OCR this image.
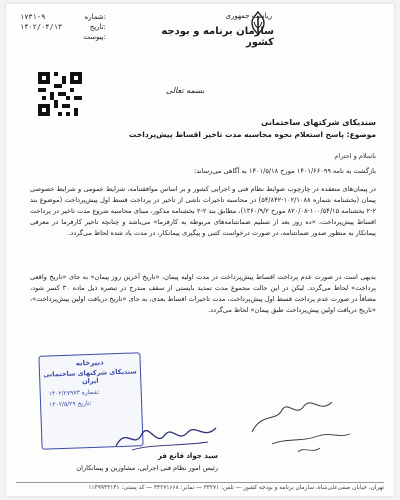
۱۷۳۱-۹	شماره:
۱۴۰۲/۰۴/۱۳	تاریخ:
پیوست:
ریاست جمهوری
سازمان برنامه و بودجه کشور
بسمه تعالی
سندیکای شرکتهای ساختمانی
موضوع: پاسخ استعلام نحوه محاسبه مدت تاخیر اقساط پیش‌پرداخت
باسلام و احترام
بازگشت به نامه ۱۴۰۱/۶۶۰۹۹ مورخ ۱۴۰۱/۵/۱۸ به آگاهی می‌رساند:
در پیمان‌های منعقده در چارچوب ضوابط نظام فنی و اجرایی کشور و بر اساس موافقتنامه، شرایط عمومی و شرایط خصوصی پیمان (بخشنامه شماره ۱۰۲/۱۰۸۸-۵۴/۸۴۲) در محاسبه تاخیرات ناشی از تاخیر در پرداخت قسط اول پیش‌پرداخت (موضوع بند ۲-۲ بخشنامه ۱۰۰/۵۴/۱۵-۸۲۰/۰۸ مورخ ۱۳۶۰/۹/۲)، مطابق بند ۲-۲ بخشنامه مذکور، مبنای محاسبه شروع مدت تاخیر در پرداخت اقساط پیش‌پرداخت، «ده روز بعد از تسلیم ضمانتنامه‌های مربوطه به کارفرما» می‌باشد و چنانچه تاخیر کارفرما در معرفی پیمانکار به منظور صدور ضمانتنامه، در صورت درخواست کتبی و پیگیری پیمانکار، در مدت یاد شده لحاظ می‌گردد.
بدیهی است در صورت عدم پرداخت اقساط پیش‌پرداخت در مدت اولیه پیمان، «تاریخ آخرین روز پیمان» به جای «تاریخ واقعی پرداخت» لحاظ می‌گردد. لیکن در این حالت مجموع مدت تمدید بایستی از سقف مندرج در تبصره ذیل ماده ۳۰ کسر شود، مضافاً در صورت عدم پرداخت قسط اول پیش‌پرداخت، مدت تاخیرات اقساط بعدی، به جای «تاریخ دریافت اولین پیش‌پرداخت»، «تاریخ دریافت اولین پیش‌پرداخت طبق پیمان» لحاظ می‌گردد.
دبیرخانه
سندیکای شرکتهای ساختمانی ایران
۱۴۰۲/۲۷۹۷۳ شماره:
۱۴۰۲/۵/۲۹ تاریخ:
سید جواد قانع فر
رئیس امور نظام فنی اجرایی، مشاورین و پیمانکاران
تهران، خیابان صفی‌علی‌شاه، سازمان برنامه و بودجه کشور — تلفن: ۳۳۲۷۱ — نمابر: ۳۳۲۷۱۶۶۸ — کد پستی: ۱۱۴۹۹۴۳۱۴۱
